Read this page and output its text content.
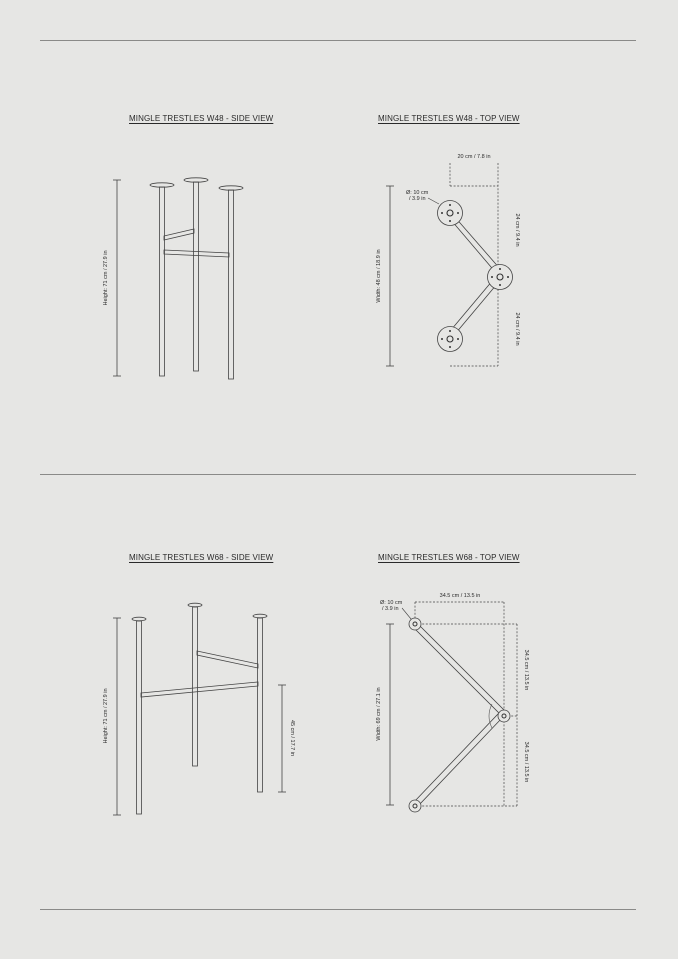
MINGLE TRESTLES W48 - SIDE VIEW
Height: 71 cm / 27.9 in
MINGLE TRESTLES W48 - TOP VIEW
Width: 48 cm / 18.9 in
20 cm / 7.8 in
Ø: 10 cm
/ 3.9 in
24 cm / 9.4 in
24 cm / 9.4 in
MINGLE TRESTLES W68 - SIDE VIEW
Height: 71 cm / 27.9 in	45 cm / 17.7 in
MINGLE TRESTLES W68 - TOP VIEW
Width: 69 cm / 27.1 in
34.5 cm / 13.5 in
Ø: 10 cm
/ 3.9 in
34.5 cm / 13.5 in
34.5 cm / 13.5 in
